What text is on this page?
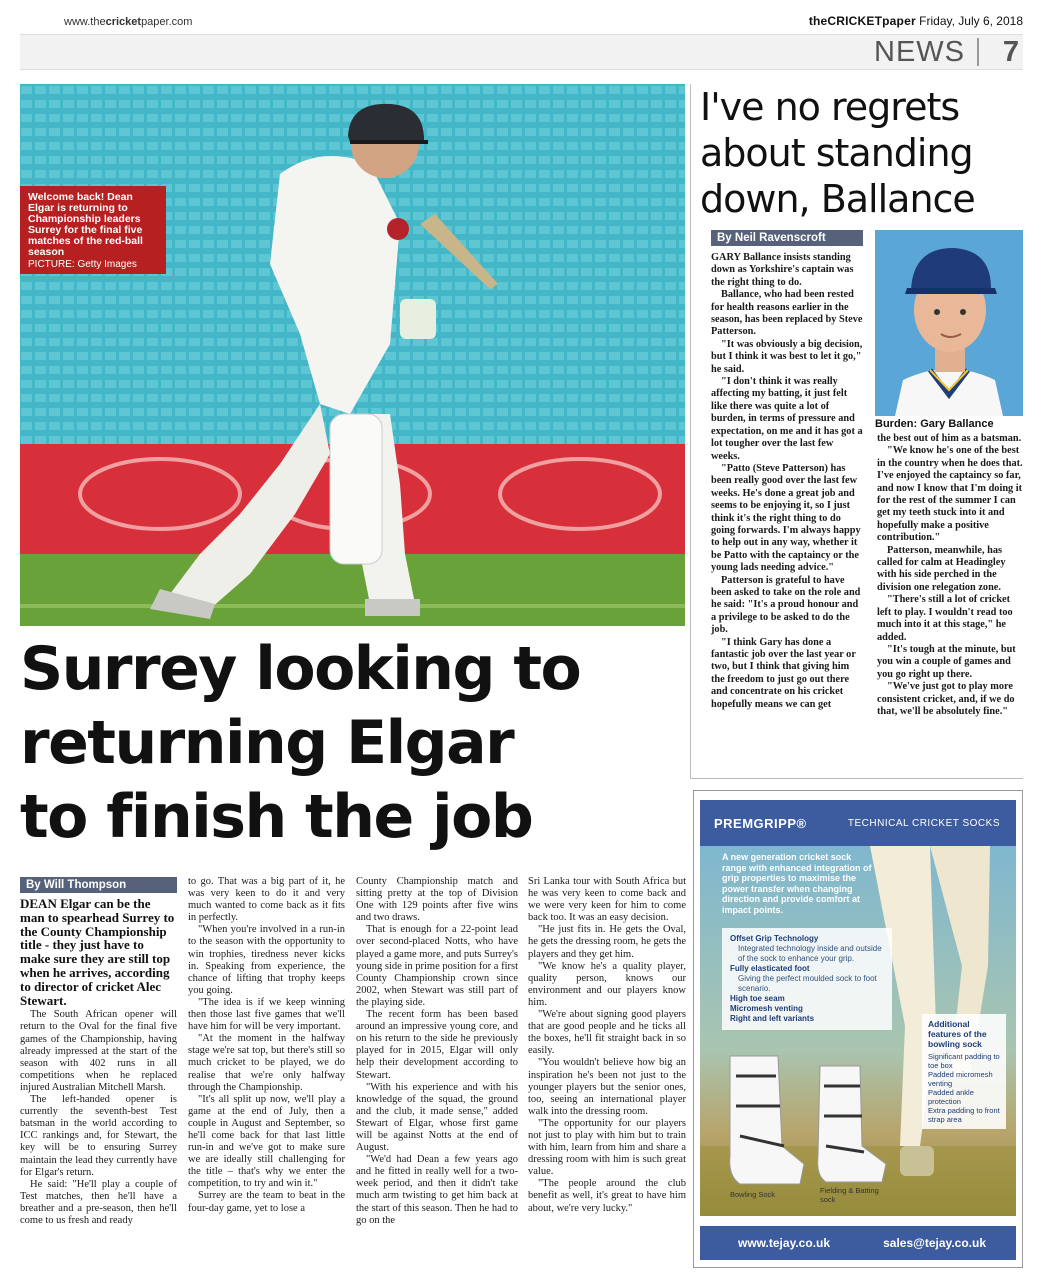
www.thecricketpaper.com	theCRICKETpaper Friday, July 6, 2018
NEWS 7
Welcome back! Dean Elgar is returning to Championship leaders Surrey for the final five matches of the red-ball season
PICTURE: Getty Images
Surrey looking to
returning Elgar
to finish the job
By Will Thompson
DEAN Elgar can be the man to spearhead Surrey to the County Championship title - they just have to make sure they are still top when he arrives, according to director of cricket Alec Stewart.

The South African opener will return to the Oval for the final five games of the Championship, having already impressed at the start of the season with 402 runs in all competitions when he replaced injured Australian Mitchell Marsh.

The left-handed opener is currently the seventh-best Test batsman in the world according to ICC rankings and, for Stewart, the key will be to ensuring Surrey maintain the lead they currently have for Elgar's return.

He said: "He'll play a couple of Test matches, then he'll have a breather and a pre-season, then he'll come to us fresh and ready

to go. That was a big part of it, he was very keen to do it and very much wanted to come back as it fits in perfectly.

"When you're involved in a run-in to the season with the opportunity to win trophies, tiredness never kicks in. Speaking from experience, the chance of lifting that trophy keeps you going.

"The idea is if we keep winning then those last five games that we'll have him for will be very important.

"At the moment in the halfway stage we're sat top, but there's still so much cricket to be played, we do realise that we're only halfway through the Championship.

"It's all split up now, we'll play a game at the end of July, then a couple in August and September, so he'll come back for that last little run-in and we've got to make sure we are ideally still challenging for the title – that's why we enter the competition, to try and win it."

Surrey are the team to beat in the four-day game, yet to lose a

County Championship match and sitting pretty at the top of Division One with 129 points after five wins and two draws.

That is enough for a 22-point lead over second-placed Notts, who have played a game more, and puts Surrey's young side in prime position for a first County Championship crown since 2002, when Stewart was still part of the playing side.

The recent form has been based around an impressive young core, and on his return to the side he previously played for in 2015, Elgar will only help their development according to Stewart.

"With his experience and with his knowledge of the squad, the ground and the club, it made sense," added Stewart of Elgar, whose first game will be against Notts at the end of August.

"We'd had Dean a few years ago and he fitted in really well for a two-week period, and then it didn't take much arm twisting to get him back at the start of this season. Then he had to go on the

Sri Lanka tour with South Africa but he was very keen to come back and we were very keen for him to come back too. It was an easy decision.

"He just fits in. He gets the Oval, he gets the dressing room, he gets the players and they get him.

"We know he's a quality player, quality person, knows our environment and our players know him.

"We're about signing good players that are good people and he ticks all the boxes, he'll fit straight back in so easily.

"You wouldn't believe how big an inspiration he's been not just to the younger players but the senior ones, too, seeing an international player walk into the dressing room.

"The opportunity for our players not just to play with him but to train with him, learn from him and share a dressing room with him is such great value.

"The people around the club benefit as well, it's great to have him about, we're very lucky."

I've no regrets
about standing
down, Ballance
By Neil Ravenscroft

GARY Ballance insists standing down as Yorkshire's captain was the right thing to do.

Ballance, who had been rested for health reasons earlier in the season, has been replaced by Steve Patterson.

"It was obviously a big decision, but I think it was best to let it go," he said.

"I don't think it was really affecting my batting, it just felt like there was quite a lot of burden, in terms of pressure and expectation, on me and it has got a lot tougher over the last few weeks.

"Patto (Steve Patterson) has been really good over the last few weeks. He's done a great job and seems to be enjoying it, so I just think it's the right thing to do going forwards. I'm always happy to help out in any way, whether it be Patto with the captaincy or the young lads needing advice."

Patterson is grateful to have been asked to take on the role and he said: "It's a proud honour and a privilege to be asked to do the job.

"I think Gary has done a fantastic job over the last year or two, but I think that giving him the freedom to just go out there and concentrate on his cricket hopefully means we can get

Burden: Gary Ballance

the best out of him as a batsman.

"We know he's one of the best in the country when he does that. I've enjoyed the captaincy so far, and now I know that I'm doing it for the rest of the summer I can get my teeth stuck into it and hopefully make a positive contribution."

Patterson, meanwhile, has called for calm at Headingley with his side perched in the division one relegation zone.

"There's still a lot of cricket left to play. I wouldn't read too much into it at this stage," he added.

"It's tough at the minute, but you win a couple of games and you go right up there.

"We've just got to play more consistent cricket, and, if we do that, we'll be absolutely fine."

PREMGRIPP®	TECHNICAL CRICKET SOCKS
A new generation cricket sock range with enhanced integration of grip properties to maximise the power transfer when changing direction and provide comfort at impact points.
Offset Grip Technology
Integrated technology inside and outside of the sock to enhance your grip.
Fully elasticated foot
Giving the perfect moulded sock to foot scenario.
High toe seam
Micromesh venting
Right and left variants
Additional features of the bowling sock
Significant padding to toe box
Padded micromesh venting
Padded ankle protection
Extra padding to front strap area
Bowling Sock	Fielding & Batting sock
www.tejay.co.uk	sales@tejay.co.uk
